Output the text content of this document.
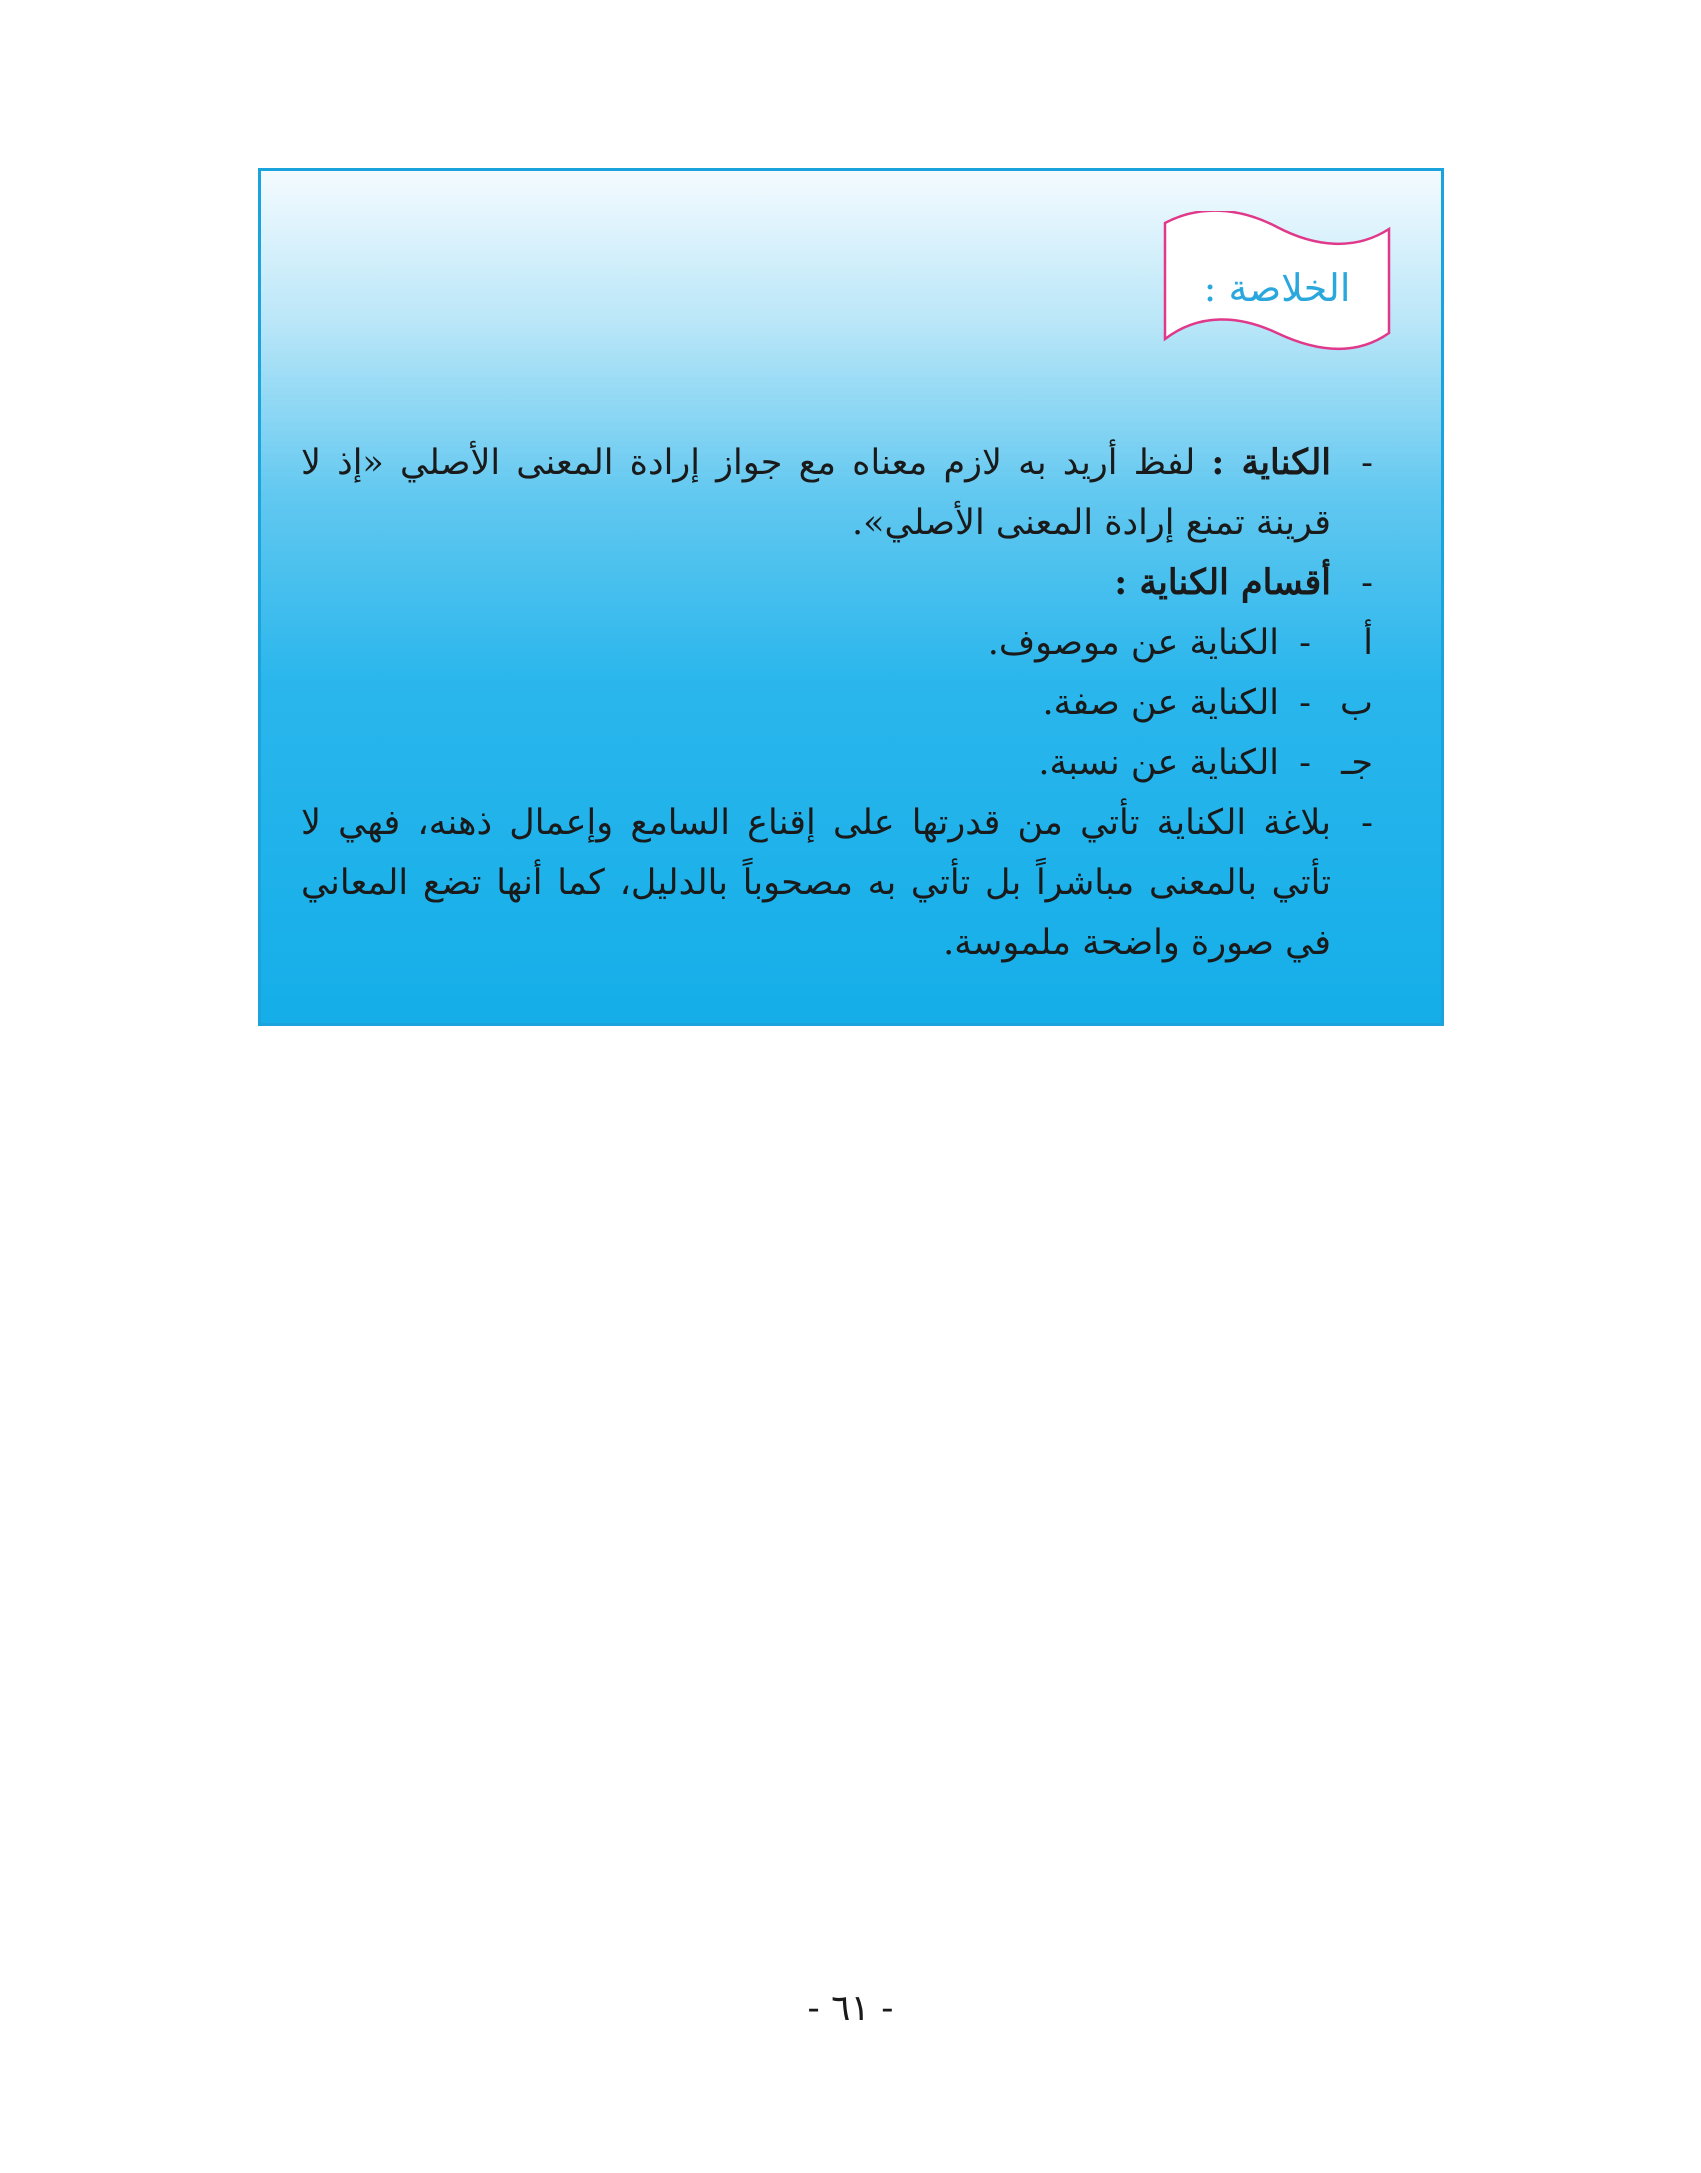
الخلاصة :

-
الكناية : لفظ أريد به لازم معناه مع جواز إرادة المعنى الأصلي «إذ لا قرينة تمنع إرادة المعنى الأصلي».

-
أقسام الكناية :

أ
-
الكناية عن موصوف.
ب
-
الكناية عن صفة.
جـ
-
الكناية عن نسبة.

-
بلاغة الكناية تأتي من قدرتها على إقناع السامع وإعمال ذهنه، فهي لا تأتي بالمعنى مباشراً بل تأتي به مصحوباً بالدليل، كما أنها تضع المعاني في صورة واضحة ملموسة.

- ٦١ -
